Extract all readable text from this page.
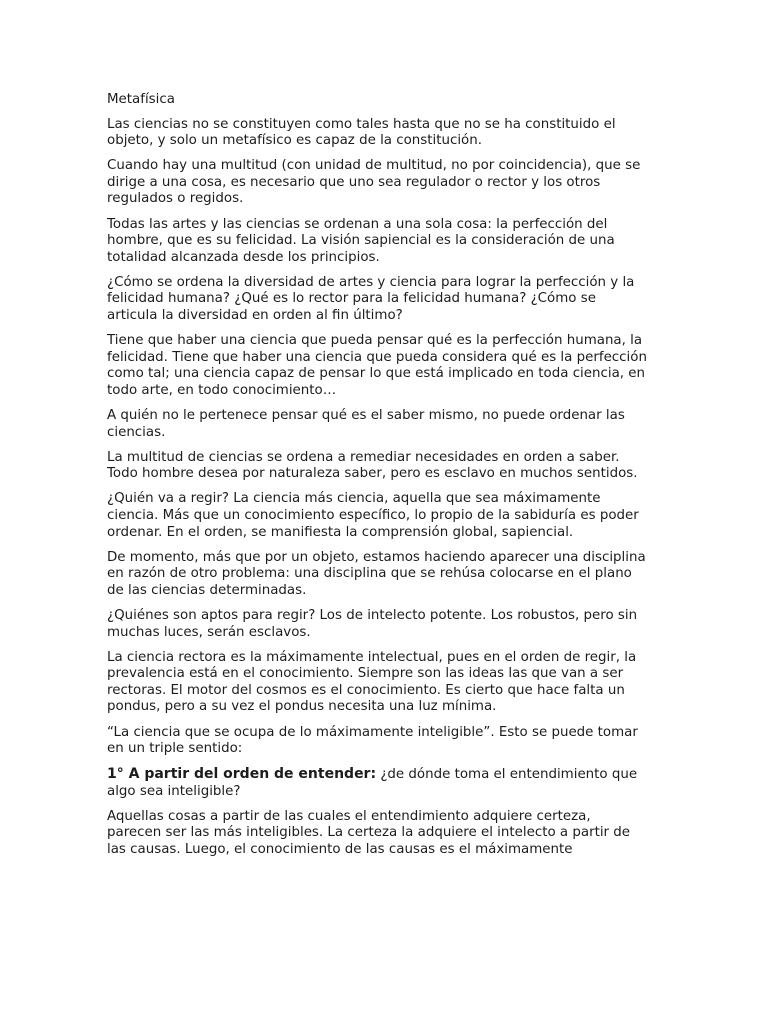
Metafísica

Las ciencias no se constituyen como tales hasta que no se ha constituido el objeto, y solo un metafísico es capaz de la constitución.

Cuando hay una multitud (con unidad de multitud, no por coincidencia), que se dirige a una cosa, es necesario que uno sea regulador o rector y los otros regulados o regidos.

Todas las artes y las ciencias se ordenan a una sola cosa: la perfección del hombre, que es su felicidad. La visión sapiencial es la consideración de una totalidad alcanzada desde los principios.

¿Cómo se ordena la diversidad de artes y ciencia para lograr la perfección y la felicidad humana? ¿Qué es lo rector para la felicidad humana? ¿Cómo se articula la diversidad en orden al fin último?

Tiene que haber una ciencia que pueda pensar qué es la perfección humana, la felicidad. Tiene que haber una ciencia que pueda considera qué es la perfección como tal; una ciencia capaz de pensar lo que está implicado en toda ciencia, en todo arte, en todo conocimiento…

A quién no le pertenece pensar qué es el saber mismo, no puede ordenar las ciencias.

La multitud de ciencias se ordena a remediar necesidades en orden a saber. Todo hombre desea por naturaleza saber, pero es esclavo en muchos sentidos.

¿Quién va a regir? La ciencia más ciencia, aquella que sea máximamente ciencia. Más que un conocimiento específico, lo propio de la sabiduría es poder ordenar. En el orden, se manifiesta la comprensión global, sapiencial.

De momento, más que por un objeto, estamos haciendo aparecer una disciplina en razón de otro problema: una disciplina que se rehúsa colocarse en el plano de las ciencias determinadas.

¿Quiénes son aptos para regir? Los de intelecto potente. Los robustos, pero sin muchas luces, serán esclavos.

La ciencia rectora es la máximamente intelectual, pues en el orden de regir, la prevalencia está en el conocimiento. Siempre son las ideas las que van a ser rectoras. El motor del cosmos es el conocimiento. Es cierto que hace falta un pondus, pero a su vez el pondus necesita una luz mínima.

“La ciencia que se ocupa de lo máximamente inteligible”. Esto se puede tomar en un triple sentido:

1° A partir del orden de entender: ¿de dónde toma el entendimiento que algo sea inteligible?

Aquellas cosas a partir de las cuales el entendimiento adquiere certeza, parecen ser las más inteligibles. La certeza la adquiere el intelecto a partir de las causas. Luego, el conocimiento de las causas es el máximamente
